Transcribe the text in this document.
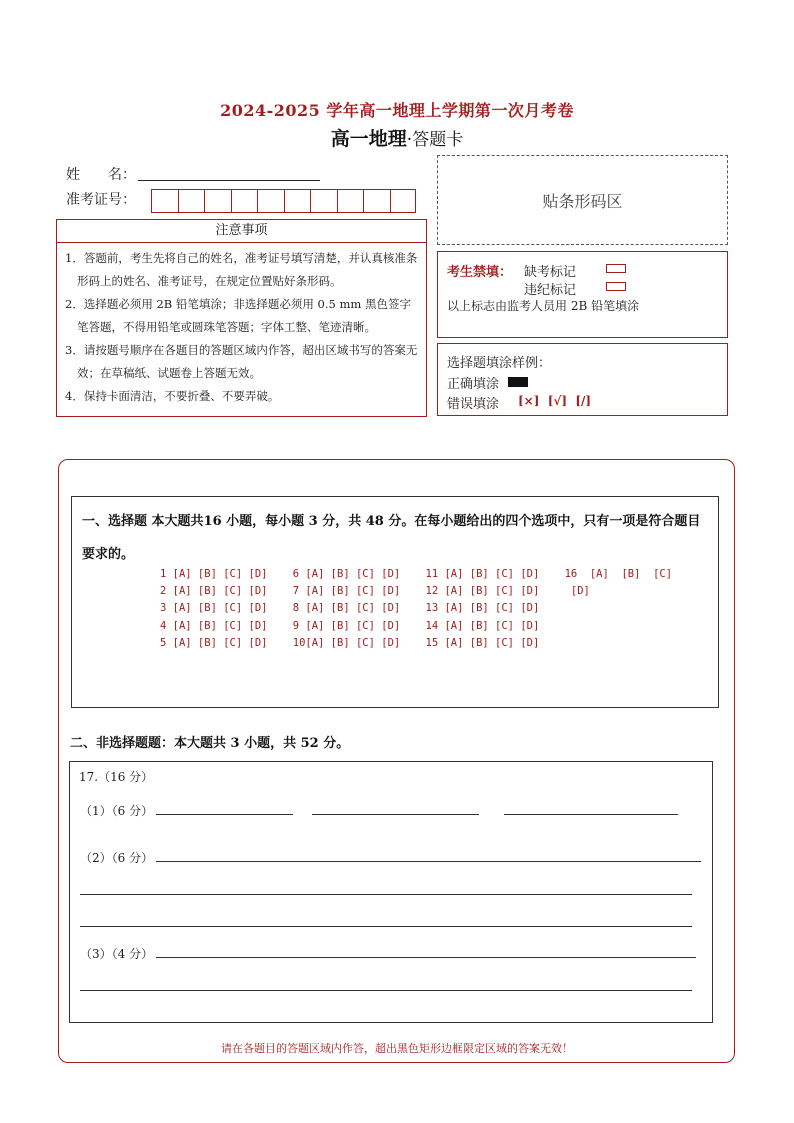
2024-2025 学年高一地理上学期第一次月考卷
高一地理·答题卡
姓　　名：
准考证号：	贴条形码区
注意事项

1．答题前，考生先将自己的姓名，准考证号填写清楚，并认真核准条形码上的姓名、准考证号，在规定位置贴好条形码。

2．选择题必须用 2B 铅笔填涂；非选择题必须用 0.5 mm 黑色签字笔答题，不得用铅笔或圆珠笔答题；字体工整、笔迹清晰。

3．请按题号顺序在各题目的答题区域内作答，超出区域书写的答案无效；在草稿纸、试题卷上答题无效。

4．保持卡面清洁，不要折叠、不要弄破。

考生禁填： 缺考标记
违纪标记
以上标志由监考人员用 2B 铅笔填涂
选择题填涂样例：
正确填涂
错误填涂 [×]  [√]  [/]
一、选择题 本大题共16 小题，每小题 3 分，共 48 分。在每小题给出的四个选项中，只有一项是符合题目要求的。
1 [A] [B] [C] [D]    6 [A] [B] [C] [D]    11 [A] [B] [C] [D]    16  [A]  [B]  [C]
2 [A] [B] [C] [D]    7 [A] [B] [C] [D]    12 [A] [B] [C] [D]     [D]
3 [A] [B] [C] [D]    8 [A] [B] [C] [D]    13 [A] [B] [C] [D]
4 [A] [B] [C] [D]    9 [A] [B] [C] [D]    14 [A] [B] [C] [D]
5 [A] [B] [C] [D]    10[A] [B] [C] [D]    15 [A] [B] [C] [D]
二、非选择题题：本大题共 3 小题，共 52 分。
17.（16 分）
（1）（6 分）
（2）（6 分）
（3）（4 分）
请在各题目的答题区域内作答，超出黑色矩形边框限定区域的答案无效！
